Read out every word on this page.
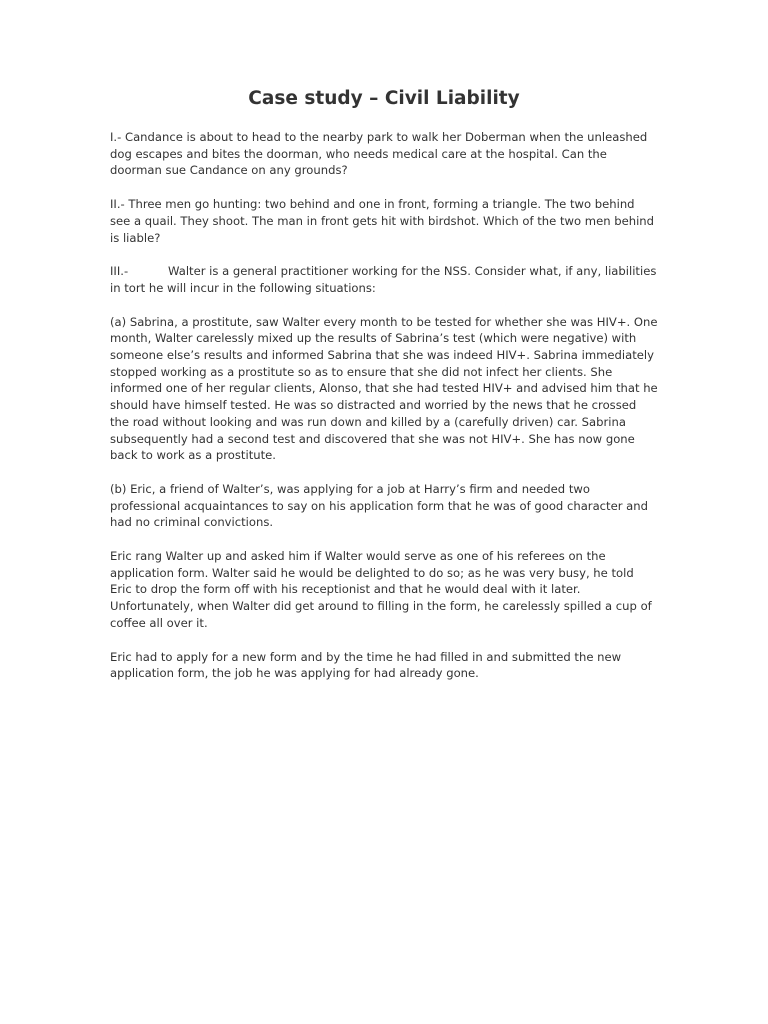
Case study – Civil Liability

I.- Candance is about to head to the nearby park to walk her Doberman when the unleashed dog escapes and bites the doorman, who needs medical care at the hospital. Can the doorman sue Candance on any grounds?

II.- Three men go hunting: two behind and one in front, forming a triangle. The two behind see a quail. They shoot. The man in front gets hit with birdshot. Which of the two men behind is liable?

III.-	Walter is a general practitioner working for the NSS. Consider what, if any, liabilities in tort he will incur in the following situations:

(a) Sabrina, a prostitute, saw Walter every month to be tested for whether she was HIV+. One month, Walter carelessly mixed up the results of Sabrina’s test (which were negative) with someone else’s results and informed Sabrina that she was indeed HIV+. Sabrina immediately stopped working as a prostitute so as to ensure that she did not infect her clients. She informed one of her regular clients, Alonso, that she had tested HIV+ and advised him that he should have himself tested. He was so distracted and worried by the news that he crossed the road without looking and was run down and killed by a (carefully driven) car. Sabrina subsequently had a second test and discovered that she was not HIV+. She has now gone back to work as a prostitute.

(b) Eric, a friend of Walter’s, was applying for a job at Harry’s firm and needed two professional acquaintances to say on his application form that he was of good character and had no criminal convictions.

Eric rang Walter up and asked him if Walter would serve as one of his referees on the application form. Walter said he would be delighted to do so; as he was very busy, he told Eric to drop the form off with his receptionist and that he would deal with it later. Unfortunately, when Walter did get around to filling in the form, he carelessly spilled a cup of coffee all over it.

Eric had to apply for a new form and by the time he had filled in and submitted the new application form, the job he was applying for had already gone.
